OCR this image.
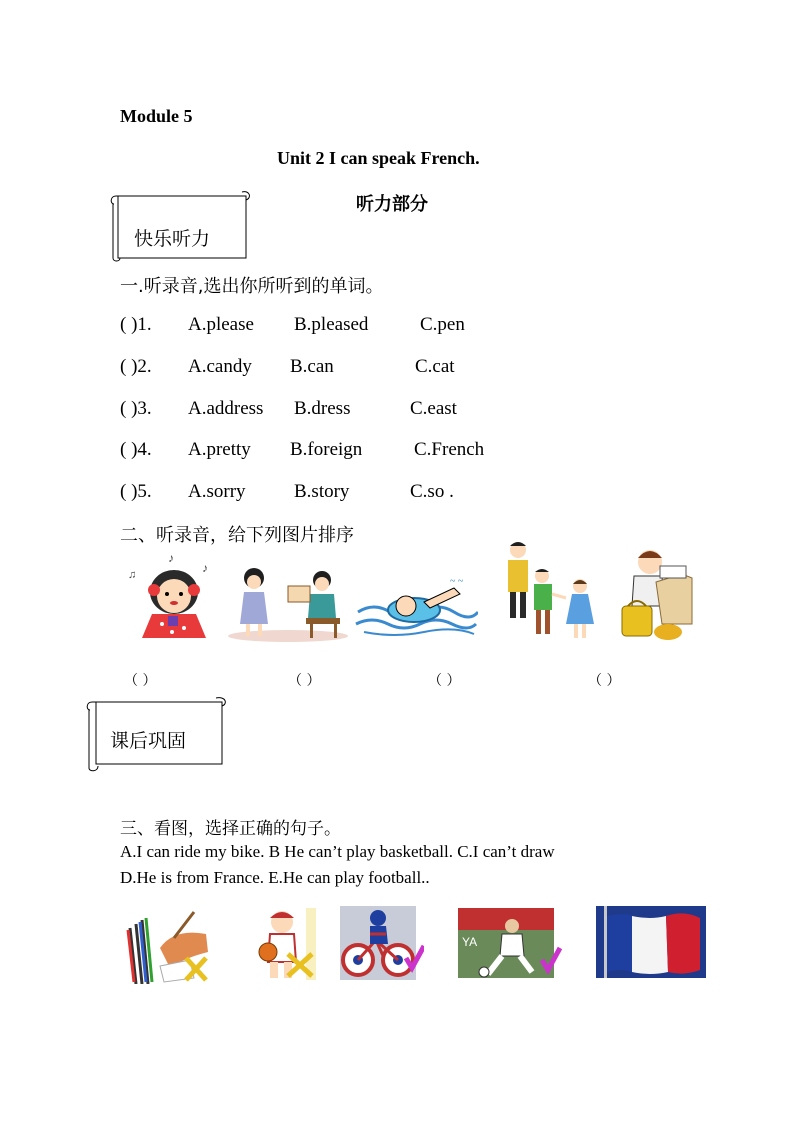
Module 5
Unit 2 I can speak French.
听力部分
快乐听力
一.听录音,选出你所听到的单词。
( )1. A.please B.pleased	C.pen
( )2. A.candy B.can	C.cat
( )3. A.address B.dress	C.east
( )4. A.pretty B.foreign	C.French
( )5. A.sorry	B.story	C.so .
二、听录音，给下列图片排序
♪
♪
♫
~ ~
（ ）	（ ）	（ ）	（ ）
课后巩固
三、看图，选择正确的句子。
A.I can ride my bike. B He can’t play basketball. C.I can’t draw
D.He is from France. E.He can play football..
YA
